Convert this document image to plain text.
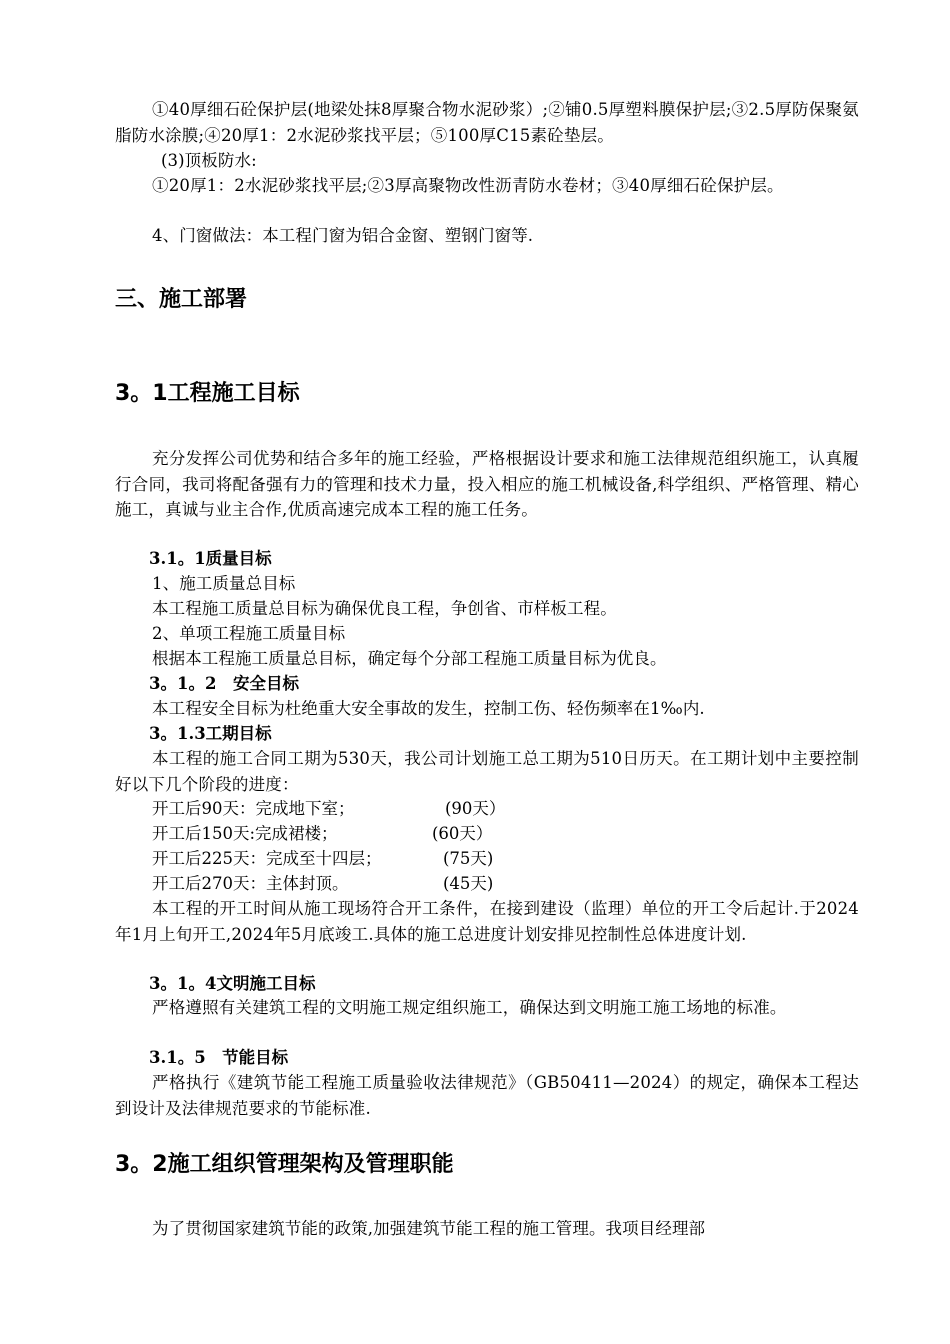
①40厚细石砼保护层(地梁处抹8厚聚合物水泥砂浆）;②铺0.5厚塑料膜保护层;③2.5厚防保聚氨脂防水涂膜;④20厚1：2水泥砂浆找平层；⑤100厚C15素砼垫层。
(3)顶板防水:
①20厚1：2水泥砂浆找平层;②3厚高聚物改性沥青防水卷材；③40厚细石砼保护层。
4、门窗做法：本工程门窗为铝合金窗、塑钢门窗等.
三、施工部署
3。1工程施工目标
充分发挥公司优势和结合多年的施工经验，严格根据设计要求和施工法律规范组织施工，认真履行合同，我司将配备强有力的管理和技术力量，投入相应的施工机械设备,科学组织、严格管理、精心施工，真诚与业主合作,优质高速完成本工程的施工任务。
3.1。1质量目标
1、施工质量总目标
本工程施工质量总目标为确保优良工程，争创省、市样板工程。
2、单项工程施工质量目标
根据本工程施工质量总目标，确定每个分部工程施工质量目标为优良。
3。1。2　安全目标
本工程安全目标为杜绝重大安全事故的发生，控制工伤、轻伤频率在1‰内.
3。1.3工期目标
本工程的施工合同工期为530天，我公司计划施工总工期为510日历天。在工期计划中主要控制好以下几个阶段的进度：
开工后90天：完成地下室；	(90天）
开工后150天:完成裙楼；	(60天）
开工后225天：完成至十四层；	(75天)
开工后270天：主体封顶。	(45天)
本工程的开工时间从施工现场符合开工条件，在接到建设（监理）单位的开工令后起计.于2024年1月上旬开工,2024年5月底竣工.具体的施工总进度计划安排见控制性总体进度计划.
3。1。4文明施工目标
严格遵照有关建筑工程的文明施工规定组织施工，确保达到文明施工施工场地的标准。
3.1。5　节能目标
严格执行《建筑节能工程施工质量验收法律规范》（GB50411—2024）的规定，确保本工程达到设计及法律规范要求的节能标准.
3。2施工组织管理架构及管理职能
为了贯彻国家建筑节能的政策,加强建筑节能工程的施工管理。我项目经理部
